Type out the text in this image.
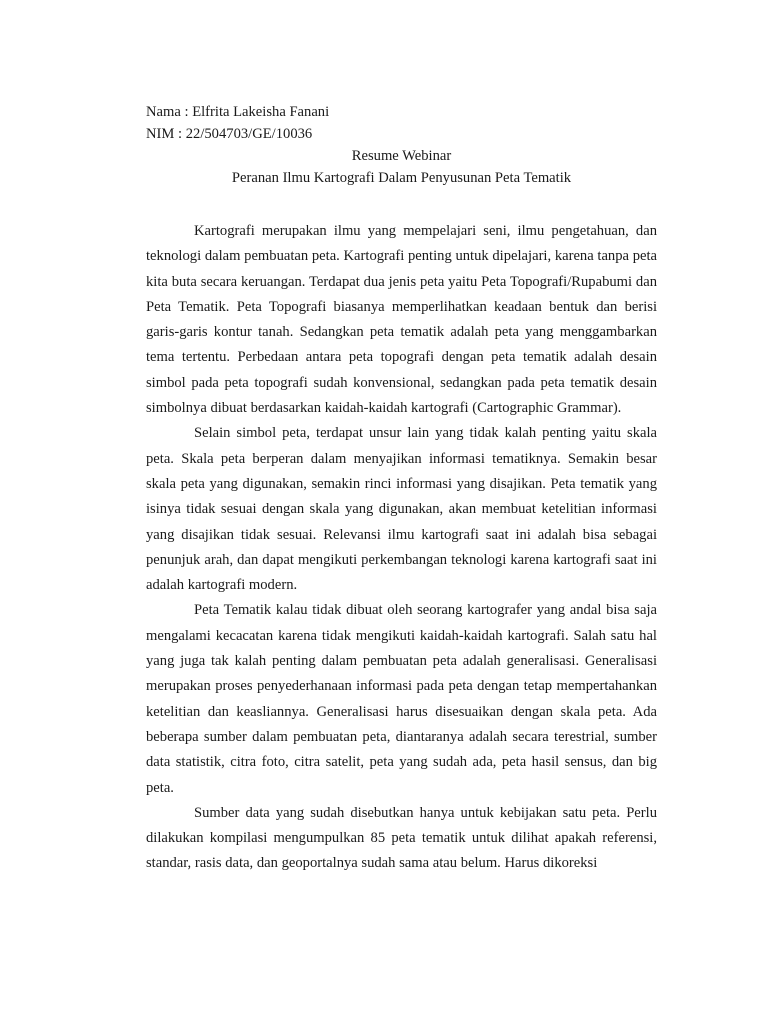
Nama : Elfrita Lakeisha Fanani
NIM : 22/504703/GE/10036
Resume Webinar
Peranan Ilmu Kartografi Dalam Penyusunan Peta Tematik

Kartografi merupakan ilmu yang mempelajari seni, ilmu pengetahuan, dan teknologi dalam pembuatan peta. Kartografi penting untuk dipelajari, karena tanpa peta kita buta secara keruangan. Terdapat dua jenis peta yaitu Peta Topografi/Rupabumi dan Peta Tematik. Peta Topografi biasanya memperlihatkan keadaan bentuk dan berisi garis-garis kontur tanah. Sedangkan peta tematik adalah peta yang menggambarkan tema tertentu. Perbedaan antara peta topografi dengan peta tematik adalah desain simbol pada peta topografi sudah konvensional, sedangkan pada peta tematik desain simbolnya dibuat berdasarkan kaidah-kaidah kartografi (Cartographic Grammar).

Selain simbol peta, terdapat unsur lain yang tidak kalah penting yaitu skala peta. Skala peta berperan dalam menyajikan informasi tematiknya. Semakin besar skala peta yang digunakan, semakin rinci informasi yang disajikan. Peta tematik yang isinya tidak sesuai dengan skala yang digunakan, akan membuat ketelitian informasi yang disajikan tidak sesuai. Relevansi ilmu kartografi saat ini adalah bisa sebagai penunjuk arah, dan dapat mengikuti perkembangan teknologi karena kartografi saat ini adalah kartografi modern.

Peta Tematik kalau tidak dibuat oleh seorang kartografer yang andal bisa saja mengalami kecacatan karena tidak mengikuti kaidah-kaidah kartografi. Salah satu hal yang juga tak kalah penting dalam pembuatan peta adalah generalisasi. Generalisasi merupakan proses penyederhanaan informasi pada peta dengan tetap mempertahankan ketelitian dan keasliannya. Generalisasi harus disesuaikan dengan skala peta. Ada beberapa sumber dalam pembuatan peta, diantaranya adalah secara terestrial, sumber data statistik, citra foto, citra satelit, peta yang sudah ada, peta hasil sensus, dan big peta.

Sumber data yang sudah disebutkan hanya untuk kebijakan satu peta. Perlu dilakukan kompilasi mengumpulkan 85 peta tematik untuk dilihat apakah referensi, standar, rasis data, dan geoportalnya sudah sama atau belum. Harus dikoreksi
